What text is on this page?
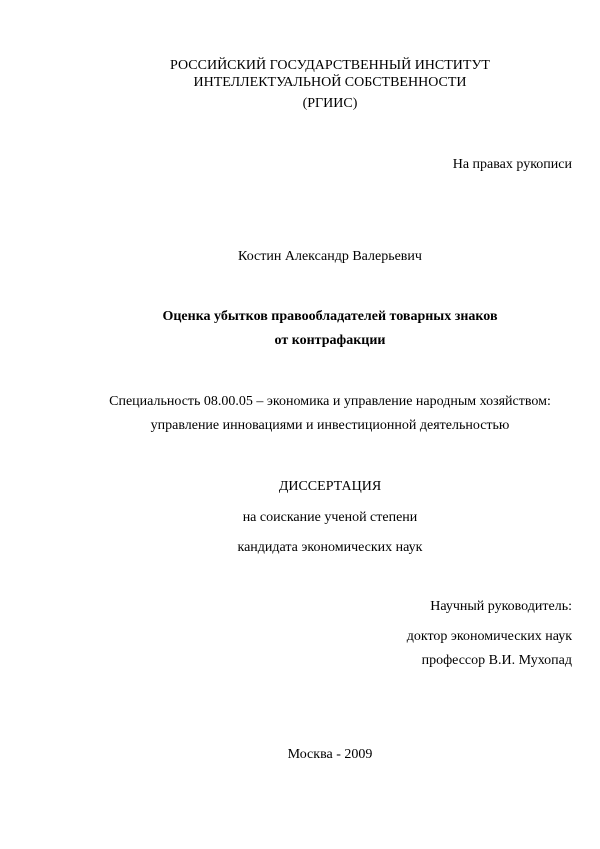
РОССИЙСКИЙ ГОСУДАРСТВЕННЫЙ ИНСТИТУТ
ИНТЕЛЛЕКТУАЛЬНОЙ СОБСТВЕННОСТИ
(РГИИС)
На правах рукописи
Костин Александр Валерьевич
Оценка убытков правообладателей товарных знаков
от контрафакции
Специальность 08.00.05 – экономика и управление народным хозяйством:
управление инновациями и инвестиционной деятельностью
ДИССЕРТАЦИЯ
на соискание ученой степени
кандидата экономических наук
Научный руководитель:
доктор экономических наук
профессор В.И. Мухопад
Москва - 2009
